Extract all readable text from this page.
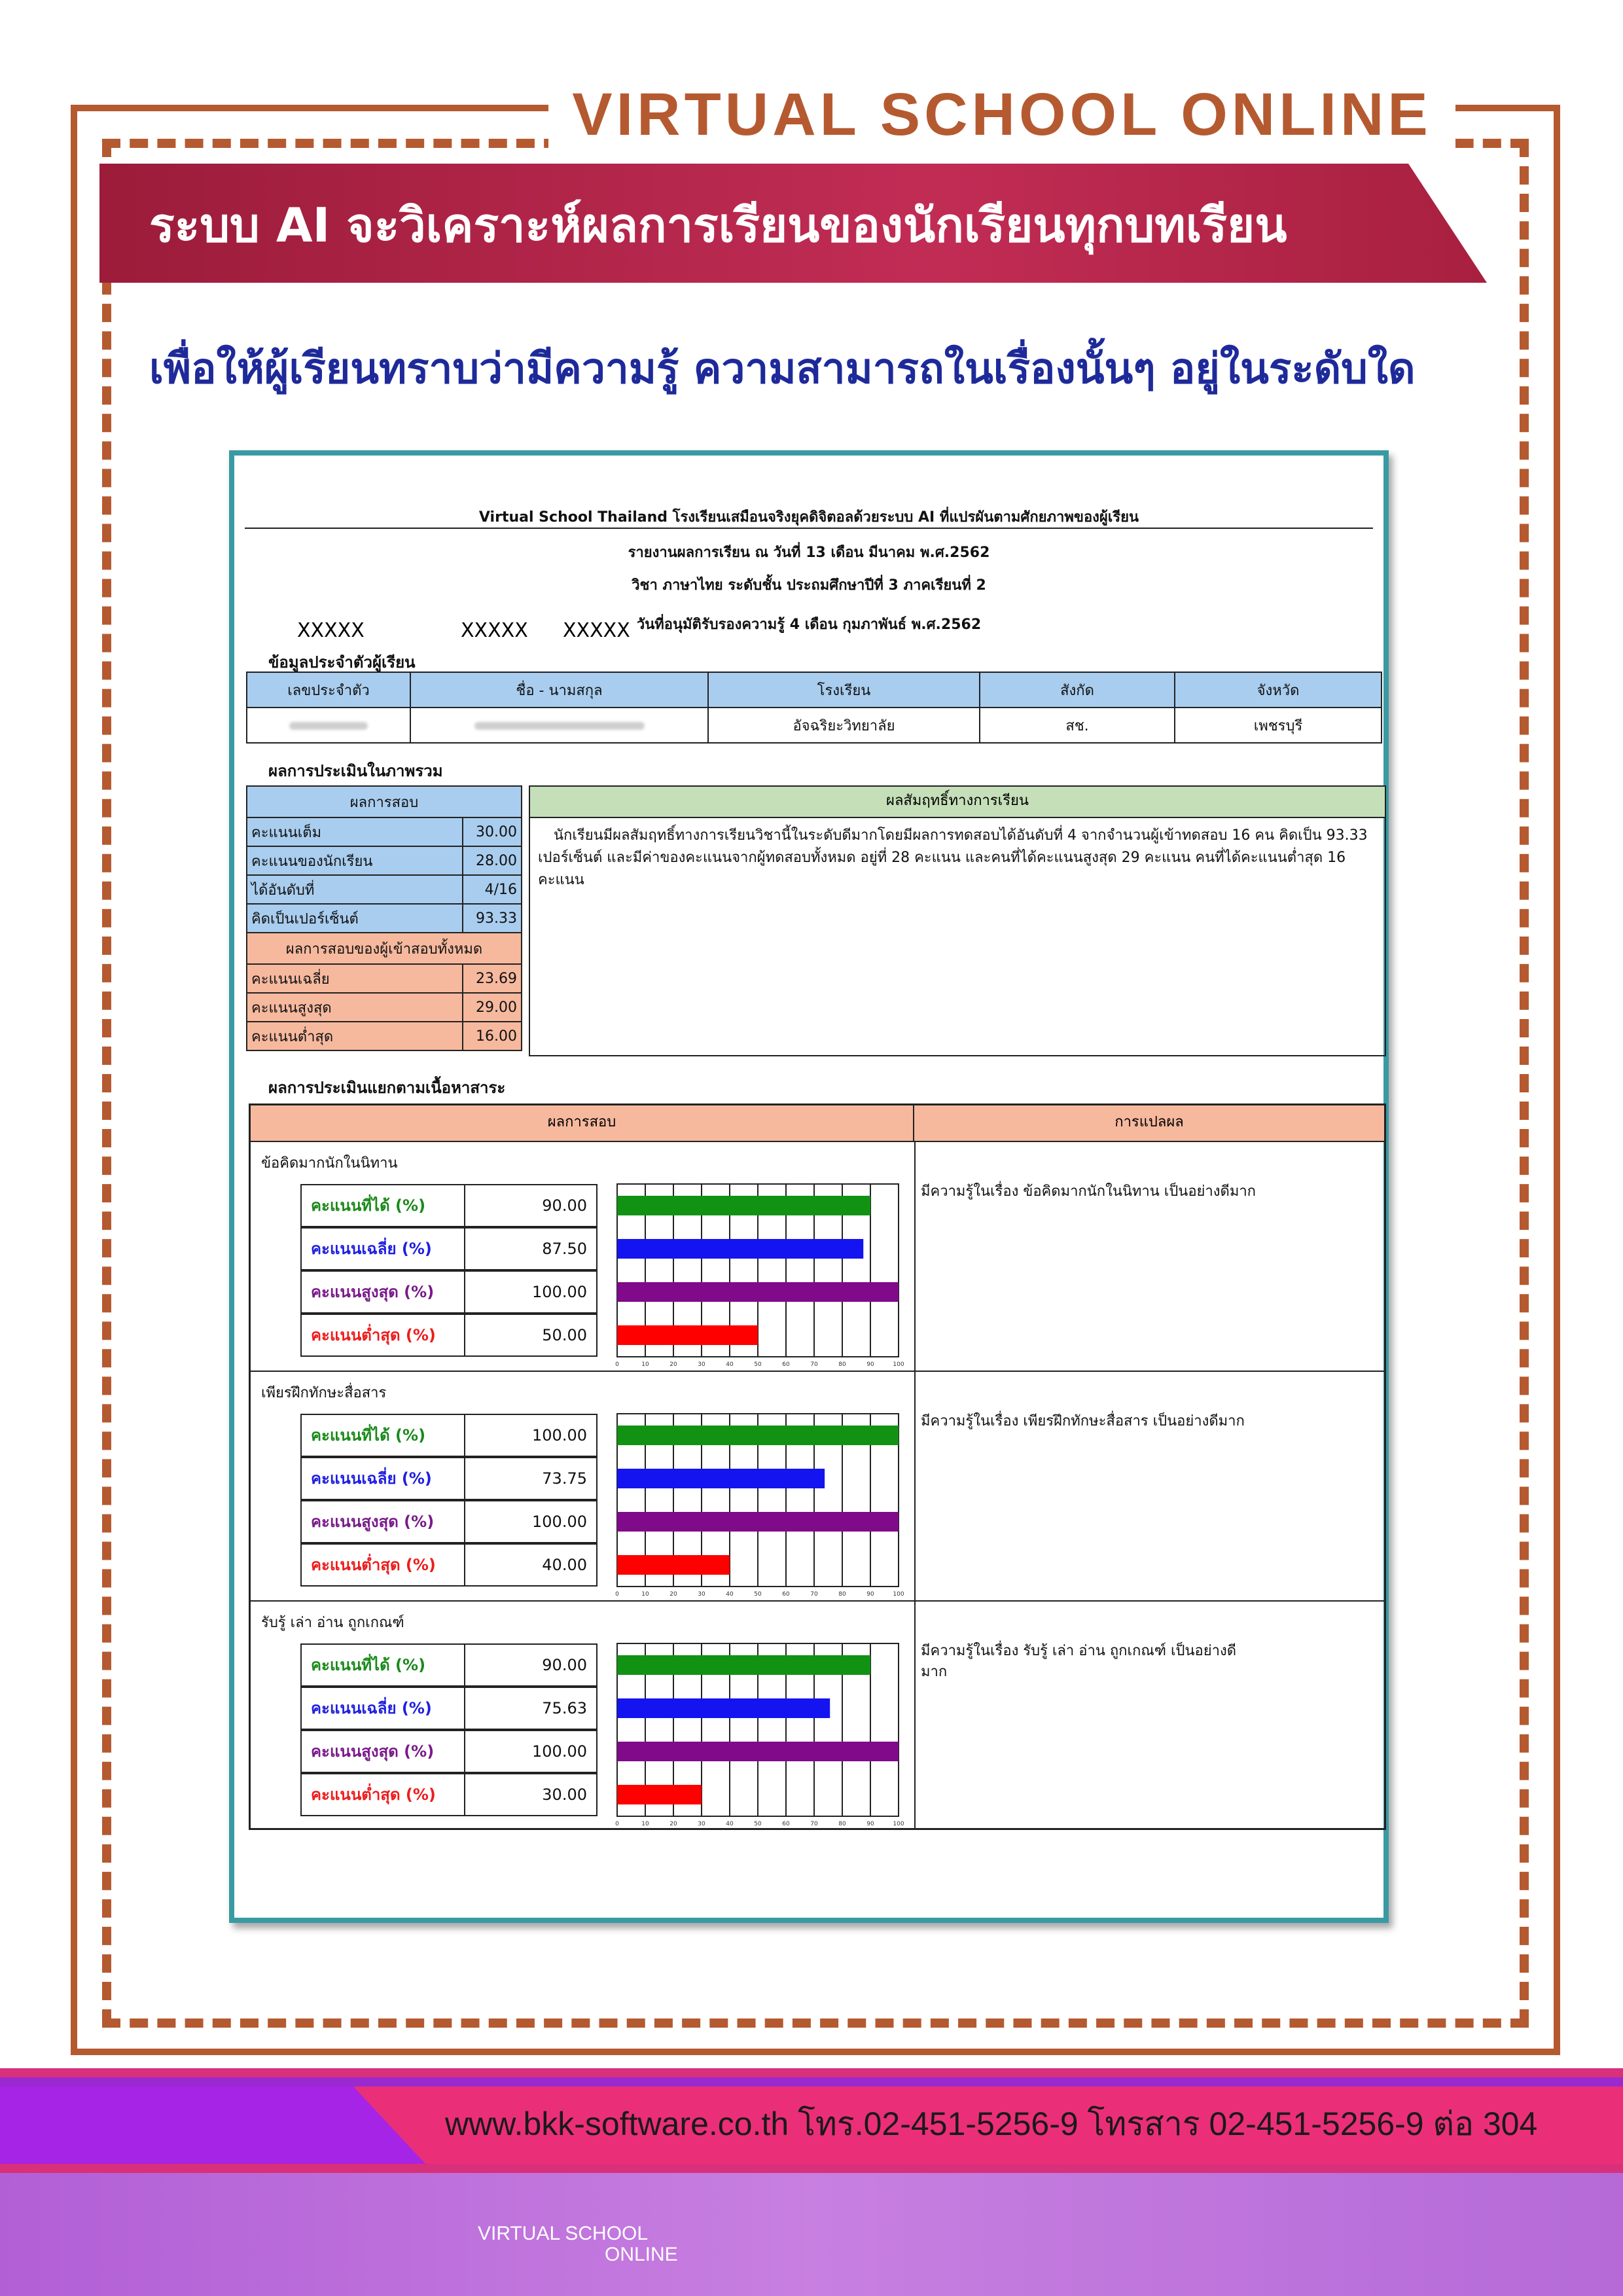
VIRTUAL SCHOOL ONLINE
ระบบ AI จะวิเคราะห์ผลการเรียนของนักเรียนทุกบทเรียน
เพื่อให้ผู้เรียนทราบว่ามีความรู้ ความสามารถในเรื่องนั้นๆ อยู่ในระดับใด
Virtual School Thailand โรงเรียนเสมือนจริงยุคดิจิตอลด้วยระบบ AI ที่แปรผันตามศักยภาพของผู้เรียน
รายงานผลการเรียน ณ วันที่ 13 เดือน มีนาคม พ.ศ.2562
วิชา ภาษาไทย ระดับชั้น ประถมศึกษาปีที่ 3 ภาคเรียนที่ 2
วันที่อนุมัติรับรองความรู้ 4 เดือน กุมภาพันธ์ พ.ศ.2562
XXXXX	XXXXX XXXXX
ข้อมูลประจำตัวผู้เรียน
เลขประจำตัว	ชื่อ - นามสกุล	โรงเรียน	สังกัด	จังหวัด
		อัจฉริยะวิทยาลัย	สช.	เพชรบุรี
ผลการประเมินในภาพรวม
ผลการสอบ	
คะแนนเต็ม	30.00
คะแนนของนักเรียน	28.00
ได้อันดับที่	4/16
คิดเป็นเปอร์เซ็นต์	93.33
ผลการสอบของผู้เข้าสอบทั้งหมด	
คะแนนเฉลี่ย	23.69
คะแนนสูงสุด	29.00
คะแนนต่ำสุด	16.00
ผลสัมฤทธิ์ทางการเรียน
นักเรียนมีผลสัมฤทธิ์ทางการเรียนวิชานี้ในระดับดีมากโดยมีผลการทดสอบได้อันดับที่ 4 จากจำนวนผู้เข้าทดสอบ 16 คน คิดเป็น 93.33 เปอร์เซ็นต์ และมีค่าของคะแนนจากผู้ทดสอบทั้งหมด อยู่ที่ 28 คะแนน และคนที่ได้คะแนนสูงสุด 29 คะแนน คนที่ได้คะแนนต่ำสุด 16 คะแนน
ผลการประเมินแยกตามเนื้อหาสาระ
ผลการสอบ	การแปลผล
ข้อคิดมากนักในนิทาน
มีความรู้ในเรื่อง ข้อคิดมากนักในนิทาน เป็นอย่างดีมาก
คะแนนที่ได้ (%)	90.00
คะแนนเฉลี่ย (%)	87.50
คะแนนสูงสุด (%)	100.00
คะแนนต่ำสุด (%)	50.00
0	10	20	30	40	50	60	70	80	90	100
เพียรฝึกทักษะสื่อสาร
มีความรู้ในเรื่อง เพียรฝึกทักษะสื่อสาร เป็นอย่างดีมาก
คะแนนที่ได้ (%)	100.00
คะแนนเฉลี่ย (%)	73.75
คะแนนสูงสุด (%)	100.00
คะแนนต่ำสุด (%)	40.00
0	10	20	30	40	50	60	70	80	90	100
รับรู้ เล่า อ่าน ถูกเกณฑ์
มีความรู้ในเรื่อง รับรู้ เล่า อ่าน ถูกเกณฑ์ เป็นอย่างดีมาก
คะแนนที่ได้ (%)	90.00
คะแนนเฉลี่ย (%)	75.63
คะแนนสูงสุด (%)	100.00
คะแนนต่ำสุด (%)	30.00
0	10	20	30	40	50	60	70	80	90	100
www.bkk-software.co.th โทร.02-451-5256-9 โทรสาร 02-451-5256-9 ต่อ 304
VIRTUAL SCHOOL
ONLINE
